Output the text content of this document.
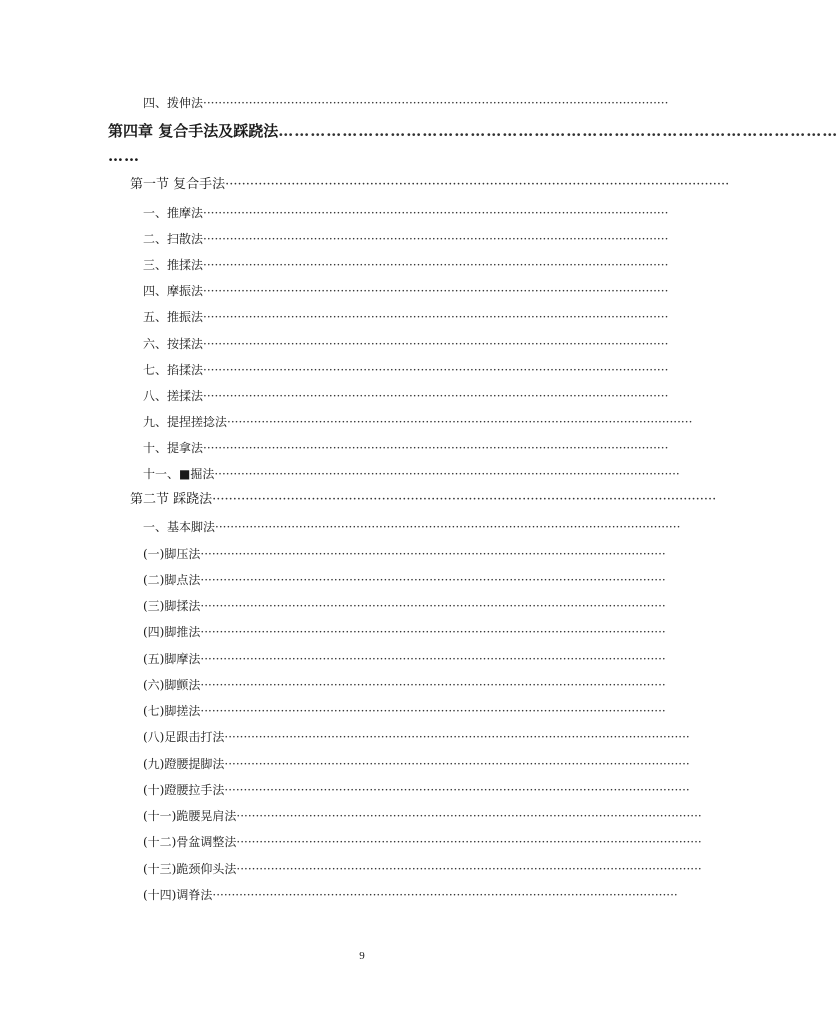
四、拨伸法 ··························································································································
第四章 复合手法及踩跷法 ……………………………………………………………………………………………
……
第一节 复合手法 ··························································································································
一、推摩法 ··························································································································
二、扫散法 ··························································································································
三、推揉法 ··························································································································
四、摩振法 ··························································································································
五、推振法 ··························································································································
六、按揉法 ··························································································································
七、掐揉法 ··························································································································
八、搓揉法 ··························································································································
九、提捏搓捻法 ··························································································································
十、提拿法 ··························································································································
十一、■掘法 ··························································································································
第二节 踩跷法 ··························································································································
一、基本脚法 ··························································································································
(一)脚压法 ··························································································································
(二)脚点法 ··························································································································
(三)脚揉法 ··························································································································
(四)脚推法 ··························································································································
(五)脚摩法 ··························································································································
(六)脚颤法 ··························································································································
(七)脚搓法 ··························································································································
(八)足跟击打法 ··························································································································
(九)蹬腰提脚法 ··························································································································
(十)蹬腰拉手法 ··························································································································
(十一)跪腰晃肩法 ··························································································································
(十二)骨盆调整法 ··························································································································
(十三)跪颈仰头法 ··························································································································
(十四)调脊法 ··························································································································
9
